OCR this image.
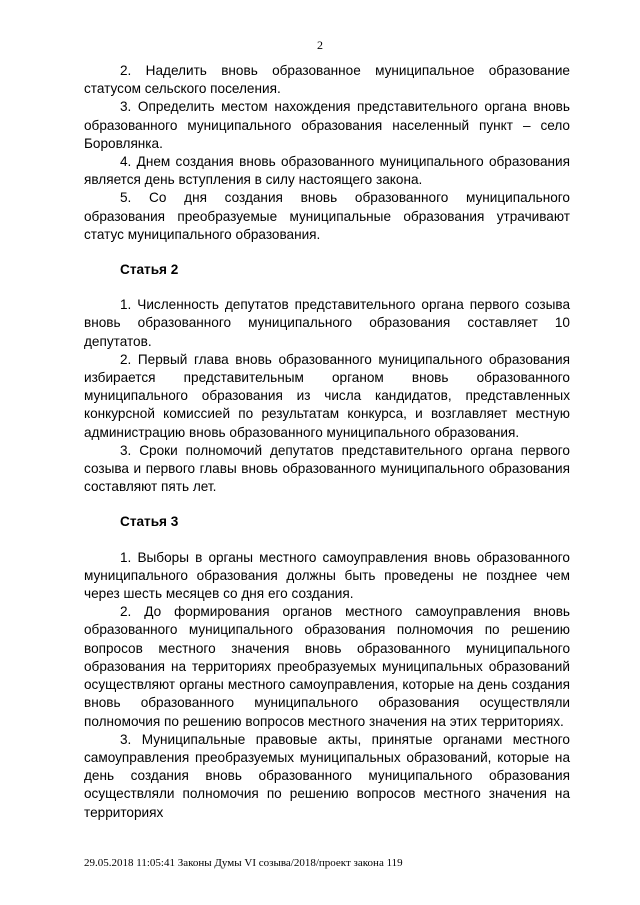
2

2. Наделить вновь образованное муниципальное образование статусом сельского поселения.

3. Определить местом нахождения представительного органа вновь образованного муниципального образования населенный пункт – село Боровлянка.

4. Днем создания вновь образованного муниципального образования является день вступления в силу настоящего закона.

5. Со дня создания вновь образованного муниципального образования преобразуемые муниципальные образования утрачивают статус муниципального образования.

Статья 2

1. Численность депутатов представительного органа первого созыва вновь образованного муниципального образования составляет 10 депутатов.

2. Первый глава вновь образованного муниципального образования избирается представительным органом вновь образованного муниципального образования из числа кандидатов, представленных конкурсной комиссией по результатам конкурса, и возглавляет местную администрацию вновь образованного муниципального образования.

3. Сроки полномочий депутатов представительного органа первого созыва и первого главы вновь образованного муниципального образования составляют пять лет.

Статья 3

1. Выборы в органы местного самоуправления вновь образованного муниципального образования должны быть проведены не позднее чем через шесть месяцев со дня его создания.

2. До формирования органов местного самоуправления вновь образованного муниципального образования полномочия по решению вопросов местного значения вновь образованного муниципального образования на территориях преобразуемых муниципальных образований осуществляют органы местного самоуправления, которые на день создания вновь образованного муниципального образования осуществляли полномочия по решению вопросов местного значения на этих территориях.

3. Муниципальные правовые акты, принятые органами местного самоуправления преобразуемых муниципальных образований, которые на день создания вновь образованного муниципального образования осуществляли полномочия по решению вопросов местного значения на территориях

29.05.2018 11:05:41 Законы Думы VI созыва/2018/проект закона 119
